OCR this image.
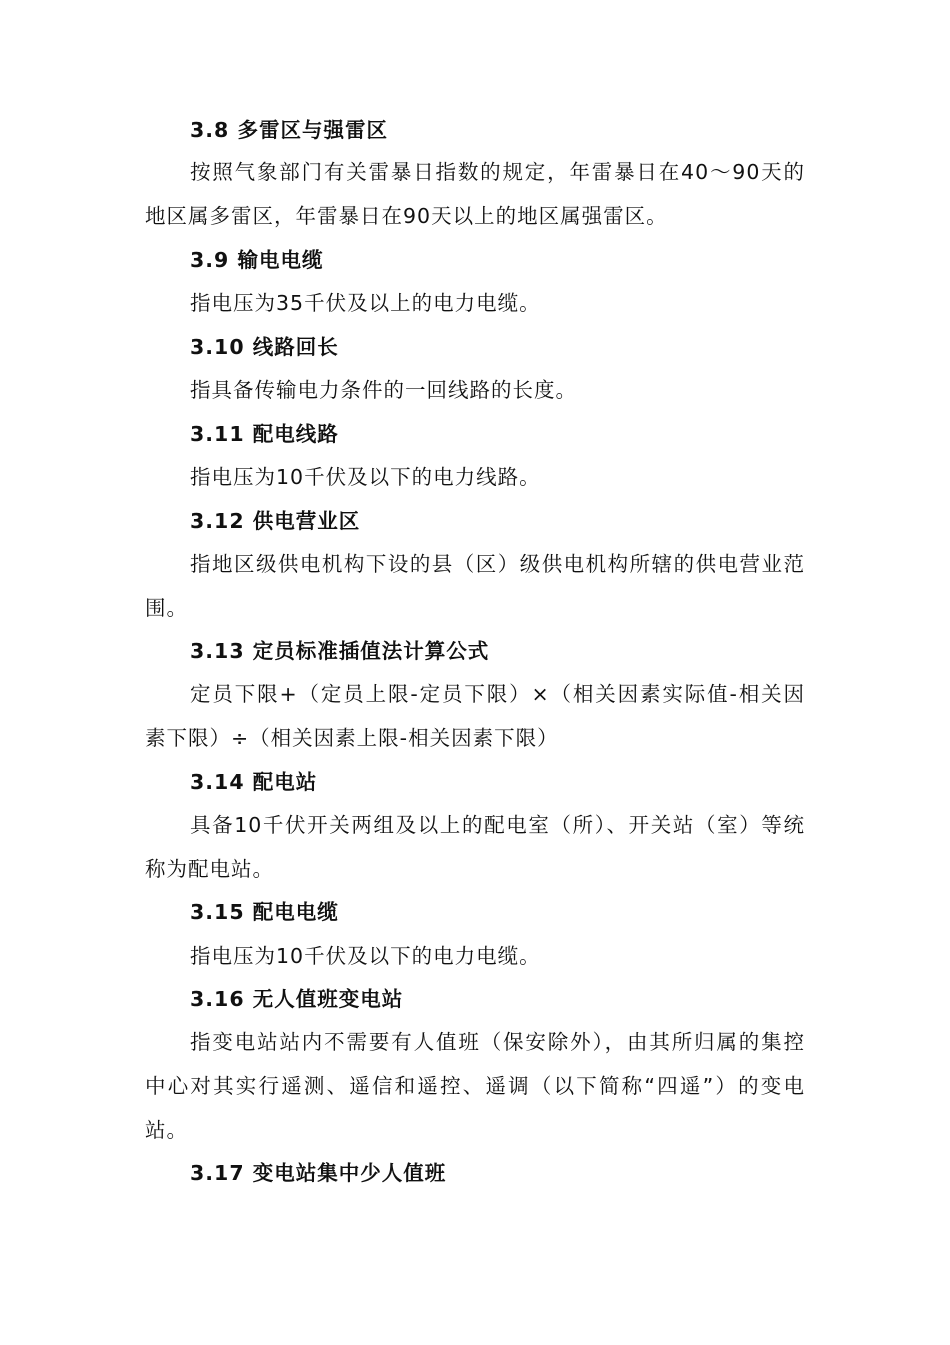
3.8 多雷区与强雷区
按照气象部门有关雷暴日指数的规定，年雷暴日在40～90天的
地区属多雷区，年雷暴日在90天以上的地区属强雷区。
3.9 输电电缆
指电压为35千伏及以上的电力电缆。
3.10 线路回长
指具备传输电力条件的一回线路的长度。
3.11 配电线路
指电压为10千伏及以下的电力线路。
3.12 供电营业区
指地区级供电机构下设的县（区）级供电机构所辖的供电营业范
围。
3.13 定员标准插值法计算公式
定员下限+（定员上限-定员下限）×（相关因素实际值-相关因
素下限）÷（相关因素上限-相关因素下限）
3.14 配电站
具备10千伏开关两组及以上的配电室（所）、开关站（室）等统
称为配电站。
3.15 配电电缆
指电压为10千伏及以下的电力电缆。
3.16 无人值班变电站
指变电站站内不需要有人值班（保安除外），由其所归属的集控
中心对其实行遥测、遥信和遥控、遥调（以下简称“四遥”）的变电
站。
3.17 变电站集中少人值班
